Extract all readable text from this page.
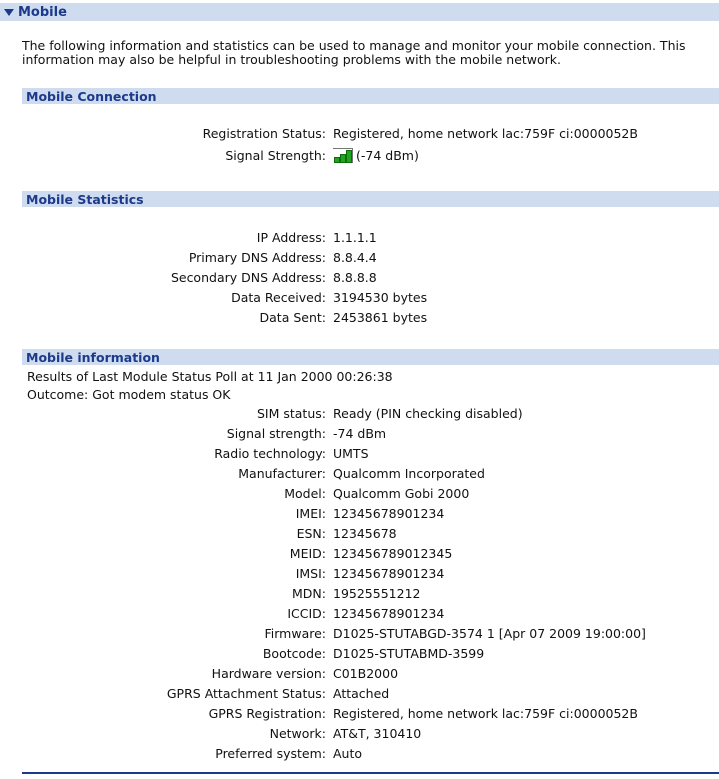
Mobile
The following information and statistics can be used to manage and monitor your mobile connection. This information may also be helpful in troubleshooting problems with the mobile network.
Mobile Connection
Registration Status: Registered, home network lac:759F ci:0000052B
Signal Strength:	(-74 dBm)
Mobile Statistics
IP Address: 1.1.1.1
Primary DNS Address: 8.8.4.4
Secondary DNS Address: 8.8.8.8
Data Received: 3194530 bytes
Data Sent: 2453861 bytes
Mobile information
Results of Last Module Status Poll at 11 Jan 2000 00:26:38
Outcome: Got modem status OK
SIM status: Ready (PIN checking disabled)
Signal strength: -74 dBm
Radio technology: UMTS
Manufacturer: Qualcomm Incorporated
Model: Qualcomm Gobi 2000
IMEI: 12345678901234
ESN: 12345678
MEID: 123456789012345
IMSI: 12345678901234
MDN: 19525551212
ICCID: 12345678901234
Firmware: D1025-STUTABGD-3574 1 [Apr 07 2009 19:00:00]
Bootcode: D1025-STUTABMD-3599
Hardware version: C01B2000
GPRS Attachment Status: Attached
GPRS Registration: Registered, home network lac:759F ci:0000052B
Network: AT&T, 310410
Preferred system: Auto
